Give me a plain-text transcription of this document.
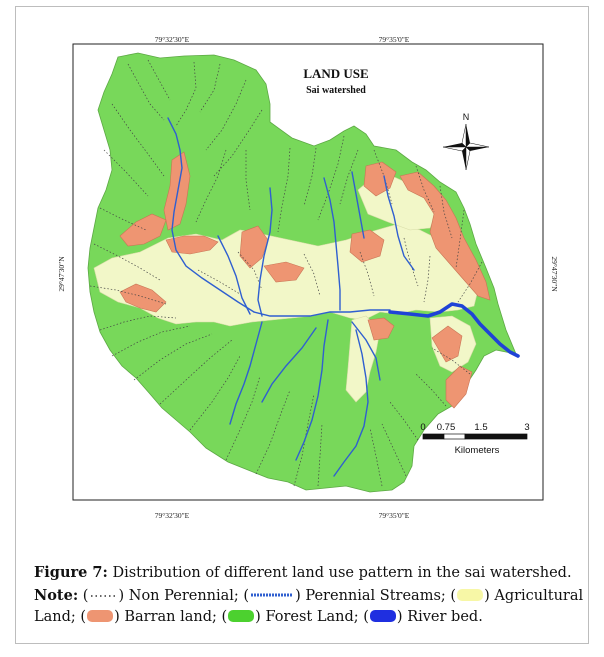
LAND USE
Sai watershed
N
0 0.75 1.5	3
Kilometers
79°32'30"E	79°35'0"E
79°32'30"E	79°35'0"E
29°47'30"N	29°47'30"N
Figure 7: Distribution of different land use pattern in the sai watershed.
Note: ( ) Non Perennial; (	) Perennial Streams; ( ) Agricultural Land; ( ) Barran land; ( ) Forest Land; ( ) River bed.
